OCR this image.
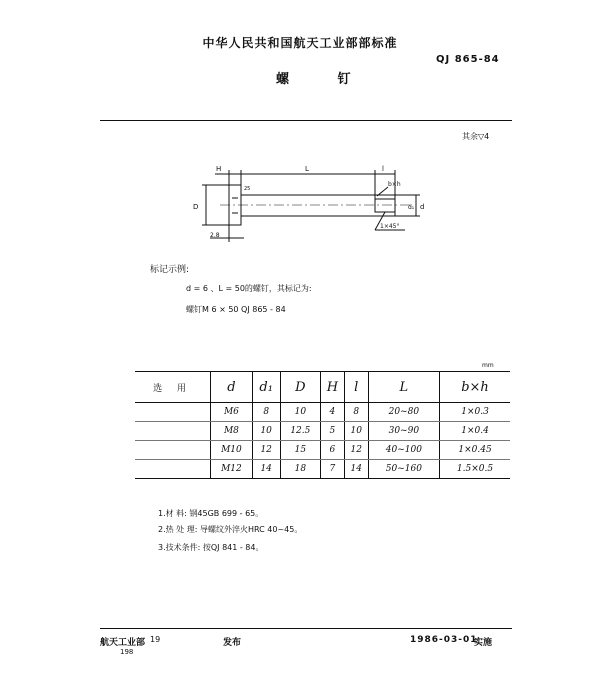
中华人民共和国航天工业部部标准
QJ 865-84
螺 钉
其余▽4
H	L	l
D
25
d
d₁
b×h
2.8
1×45°
标记示例:
d = 6 、L = 50的螺钉，其标记为:
螺钉M 6 × 50 QJ 865 - 84
mm
选 用	d	d₁	D	H	l	L	b×h
	M6	8	10	4	8	20~80	1×0.3
	M8	10	12.5	5	10	30~90	1×0.4
	M10	12	15	6	12	40~100	1×0.45
	M12	14	18	7	14	50~160	1.5×0.5
1.材 料: 钢45GB 699 - 65。
2.热 处 理: 导螺纹外淬火HRC 40~45。
3.技术条件: 按QJ 841 - 84。
航天工业部 19	发布	1986-03-01
实施
198
